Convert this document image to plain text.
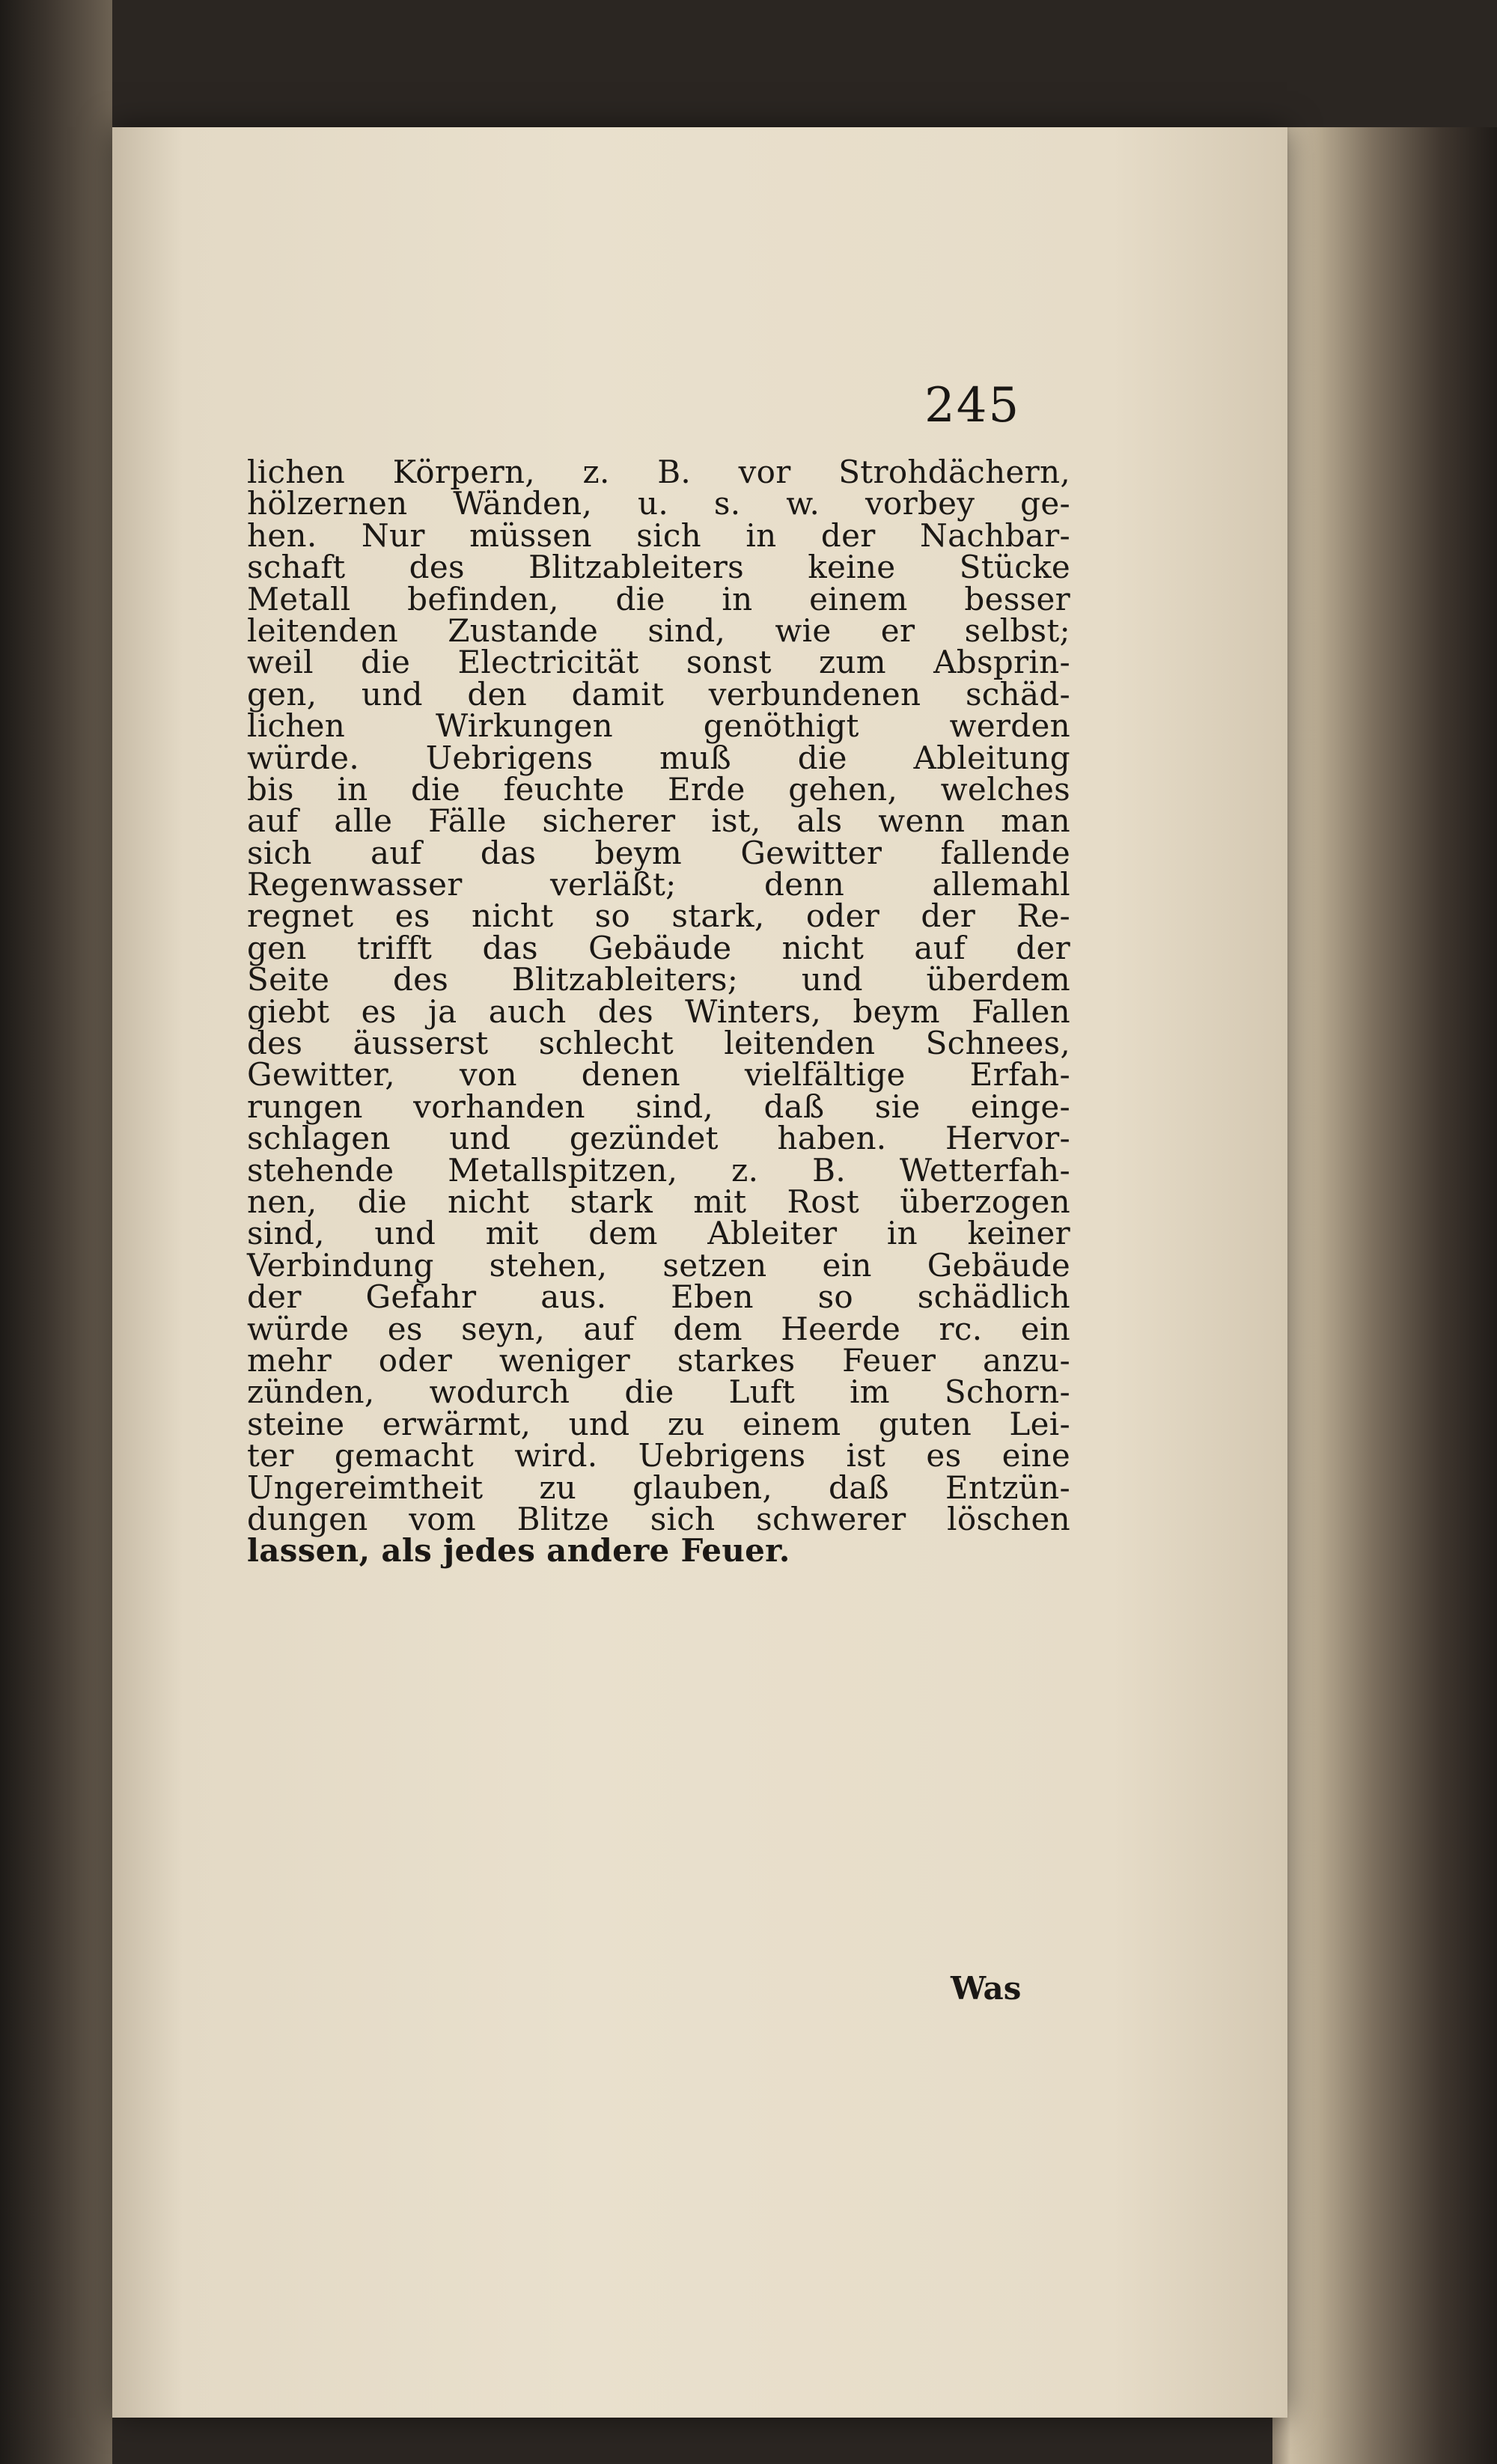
245
lichen Körpern, z. B. vor Strohdächern,
hölzernen Wänden, u. s. w. vorbey ge-
hen. Nur müssen sich in der Nachbar-
schaft des Blitzableiters keine Stücke
Metall befinden, die in einem besser
leitenden Zustande sind, wie er selbst;
weil die Electricität sonst zum Absprin-
gen, und den damit verbundenen schäd-
lichen Wirkungen genöthigt werden
würde. Uebrigens muß die Ableitung
bis in die feuchte Erde gehen, welches
auf alle Fälle sicherer ist, als wenn man
sich auf das beym Gewitter fallende
Regenwasser verläßt; denn allemahl
regnet es nicht so stark, oder der Re-
gen trifft das Gebäude nicht auf der
Seite des Blitzableiters; und überdem
giebt es ja auch des Winters, beym Fallen
des äusserst schlecht leitenden Schnees,
Gewitter, von denen vielfältige Erfah-
rungen vorhanden sind, daß sie einge-
schlagen und gezündet haben. Hervor-
stehende Metallspitzen, z. B. Wetterfah-
nen, die nicht stark mit Rost überzogen
sind, und mit dem Ableiter in keiner
Verbindung stehen, setzen ein Gebäude
der Gefahr aus. Eben so schädlich
würde es seyn, auf dem Heerde rc. ein
mehr oder weniger starkes Feuer anzu-
zünden, wodurch die Luft im Schorn-
steine erwärmt, und zu einem guten Lei-
ter gemacht wird. Uebrigens ist es eine
Ungereimtheit zu glauben, daß Entzün-
dungen vom Blitze sich schwerer löschen
lassen, als jedes andere Feuer.
Was
